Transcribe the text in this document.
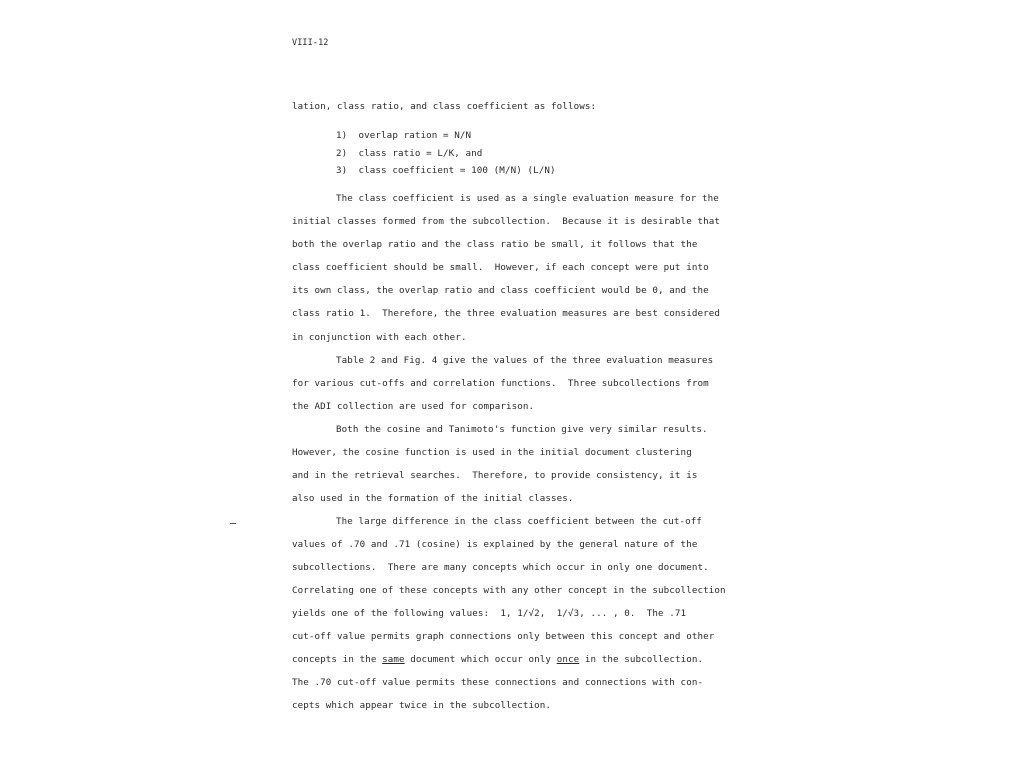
VIII-12
lation, class ratio, and class coefficient as follows:
1)  overlap ration = N/N
2)  class ratio = L/K, and
3)  class coefficient = 100 (M/N) (L/N)
The class coefficient is used as a single evaluation measure for the
initial classes formed from the subcollection.  Because it is desirable that
both the overlap ratio and the class ratio be small, it follows that the
class coefficient should be small.  However, if each concept were put into
its own class, the overlap ratio and class coefficient would be 0, and the
class ratio 1.  Therefore, the three evaluation measures are best considered
in conjunction with each other.
Table 2 and Fig. 4 give the values of the three evaluation measures
for various cut-offs and correlation functions.  Three subcollections from
the ADI collection are used for comparison.
Both the cosine and Tanimoto's function give very similar results.
However, the cosine function is used in the initial document clustering
and in the retrieval searches.  Therefore, to provide consistency, it is
also used in the formation of the initial classes.
The large difference in the class coefficient between the cut-off
values of .70 and .71 (cosine) is explained by the general nature of the
subcollections.  There are many concepts which occur in only one document.
Correlating one of these concepts with any other concept in the subcollection
yields one of the following values:  1, 1/√2,  1/√3, ... , 0.  The .71
cut-off value permits graph connections only between this concept and other
concepts in the same document which occur only once in the subcollection.
The .70 cut-off value permits these connections and connections with con-
cepts which appear twice in the subcollection.
